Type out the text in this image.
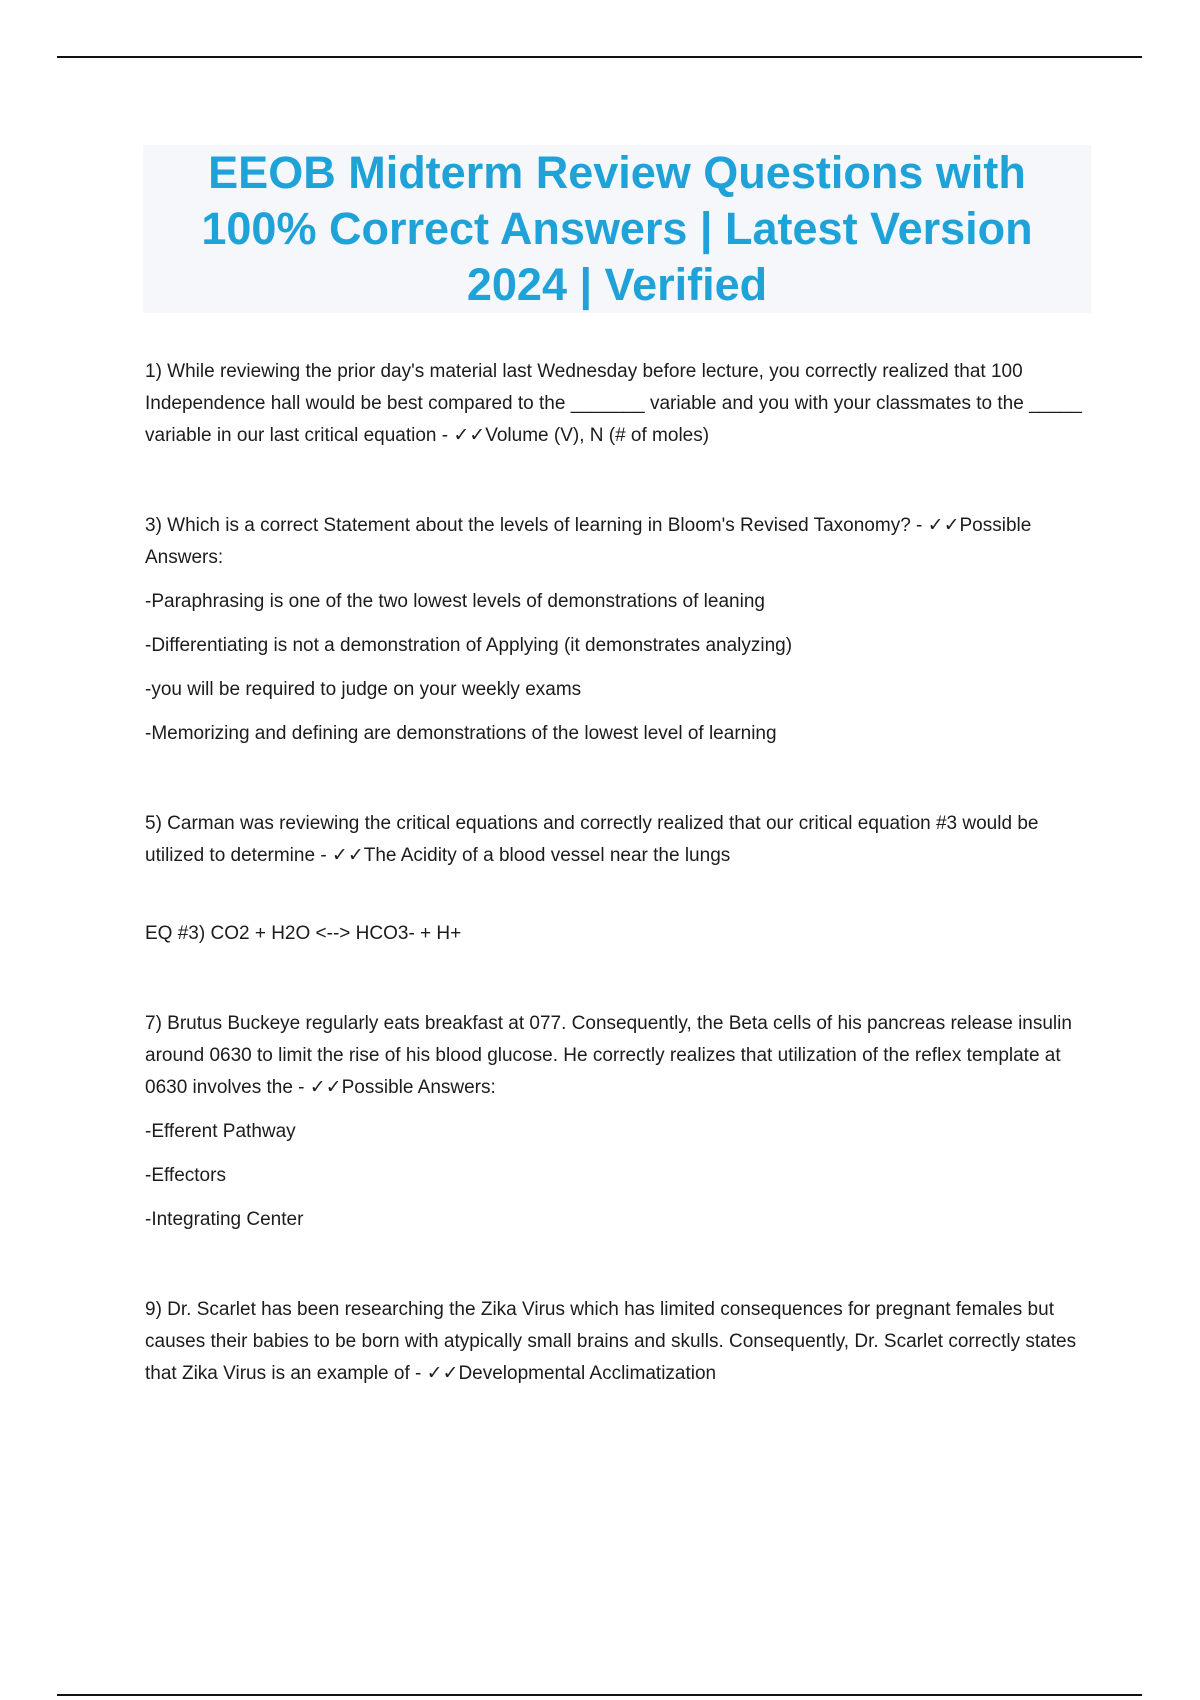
EEOB Midterm Review Questions with
100% Correct Answers | Latest Version
2024 | Verified

1) While reviewing the prior day's material last Wednesday before lecture, you correctly realized that 100 Independence hall would be best compared to the _______ variable and you with your classmates to the _____ variable in our last critical equation - ✓✓Volume (V), N (# of moles)

3) Which is a correct Statement about the levels of learning in Bloom's Revised Taxonomy? - ✓✓Possible Answers:

-Paraphrasing is one of the two lowest levels of demonstrations of leaning

-Differentiating is not a demonstration of Applying (it demonstrates analyzing)

-you will be required to judge on your weekly exams

-Memorizing and defining are demonstrations of the lowest level of learning

5) Carman was reviewing the critical equations and correctly realized that our critical equation #3 would be utilized to determine - ✓✓The Acidity of a blood vessel near the lungs

EQ #3) CO2 + H2O <--> HCO3- + H+

7) Brutus Buckeye regularly eats breakfast at 077. Consequently, the Beta cells of his pancreas release insulin around 0630 to limit the rise of his blood glucose. He correctly realizes that utilization of the reflex template at 0630 involves the - ✓✓Possible Answers:

-Efferent Pathway

-Effectors

-Integrating Center

9) Dr. Scarlet has been researching the Zika Virus which has limited consequences for pregnant females but causes their babies to be born with atypically small brains and skulls. Consequently, Dr. Scarlet correctly states that Zika Virus is an example of - ✓✓Developmental Acclimatization
